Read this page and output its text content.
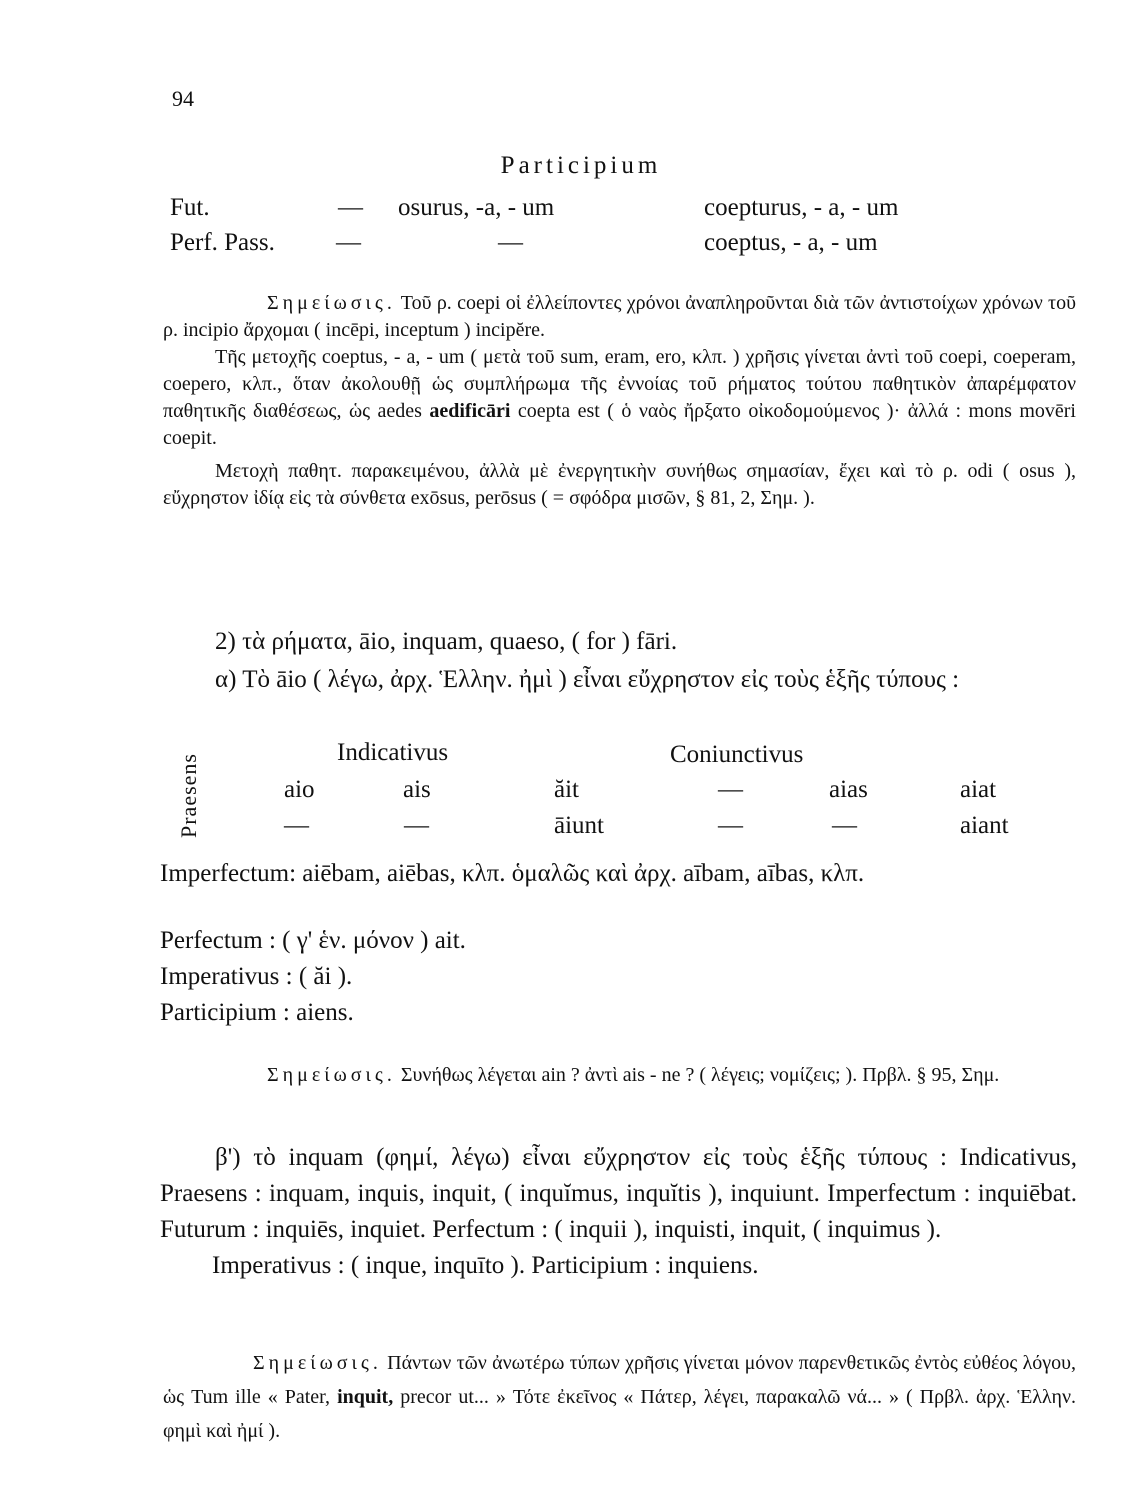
94
Participium
Fut.	— osurus, -a, - um	coepturus, - a, - um
Perf. Pass. —	—	coeptus, - a, - um

Σημείωσις. Τοῦ ρ. coepi οἱ ἐλλείποντες χρόνοι ἀναπληροῦνται διὰ τῶν ἀντιστοίχων χρόνων τοῦ ρ. incipio ἄρχομαι ( incēpi, inceptum ) incipĕre.

Τῆς μετοχῆς coeptus, - a, - um ( μετὰ τοῦ sum, eram, ero, κλπ. ) χρῆσις γίνεται ἀντὶ τοῦ coepi, coeperam, coepero, κλπ., ὅταν ἀκολουθῇ ὡς συμπλήρωμα τῆς ἐννοίας τοῦ ρήματος τούτου παθητικὸν ἀπαρέμφατον παθητικῆς διαθέσεως, ὡς aedes aedificāri coepta est ( ὁ ναὸς ἤρξατο οἰκοδομούμενος )· ἀλλά : mons movēri coepit.

Μετοχὴ παθητ. παρακειμένου, ἀλλὰ μὲ ἐνεργητικὴν συνήθως σημασίαν, ἔχει καὶ τὸ ρ. odi ( osus ), εὔχρηστον ἰδίᾳ εἰς τὰ σύνθετα exōsus, perōsus ( = σφόδρα μισῶν, § 81, 2, Σημ. ).

2) τὰ ρήματα, āio, inquam, quaeso, ( for ) fāri.

α) Τὸ āio ( λέγω, ἀρχ. Ἑλλην. ἠμὶ ) εἶναι εὔχρηστον εἰς τοὺς ἑξῆς τύπους :

Praesens
Indicativus	Coniunctivus
aio	ais	ăit	—	aias	aiat
—	—	āiunt	—	—	aiant

Imperfectum: aiēbam, aiēbas, κλπ. ὁμαλῶς καὶ ἀρχ. aībam, aības, κλπ.

Perfectum : ( γ' ἑν. μόνον ) ait.
Imperativus : ( ăi ).
Participium : aiens.

Σημείωσις. Συνήθως λέγεται ain ? ἀντὶ ais - ne ? ( λέγεις; νομίζεις; ). Πρβλ. § 95, Σημ.

β') τὸ inquam (φημί, λέγω) εἶναι εὔχρηστον εἰς τοὺς ἑξῆς τύπους : Indicativus, Praesens : inquam, inquis, inquit, ( inquĭmus, inquĭtis ), inquiunt. Imperfectum : inquiēbat. Futurum : inquiēs, inquiet. Perfectum : ( inquii ), inquisti, inquit, ( inquimus ).

Imperativus : ( inque, inquīto ). Participium : inquiens.

Σημείωσις. Πάντων τῶν ἀνωτέρω τύπων χρῆσις γίνεται μόνον παρενθετικῶς ἐντὸς εὐθέος λόγου, ὡς Tum ille « Pater, inquit, precor ut... » Τότε ἐκεῖνος « Πάτερ, λέγει, παρακαλῶ νά... » ( Πρβλ. ἀρχ. Ἑλλην. φημὶ καὶ ἠμί ).
